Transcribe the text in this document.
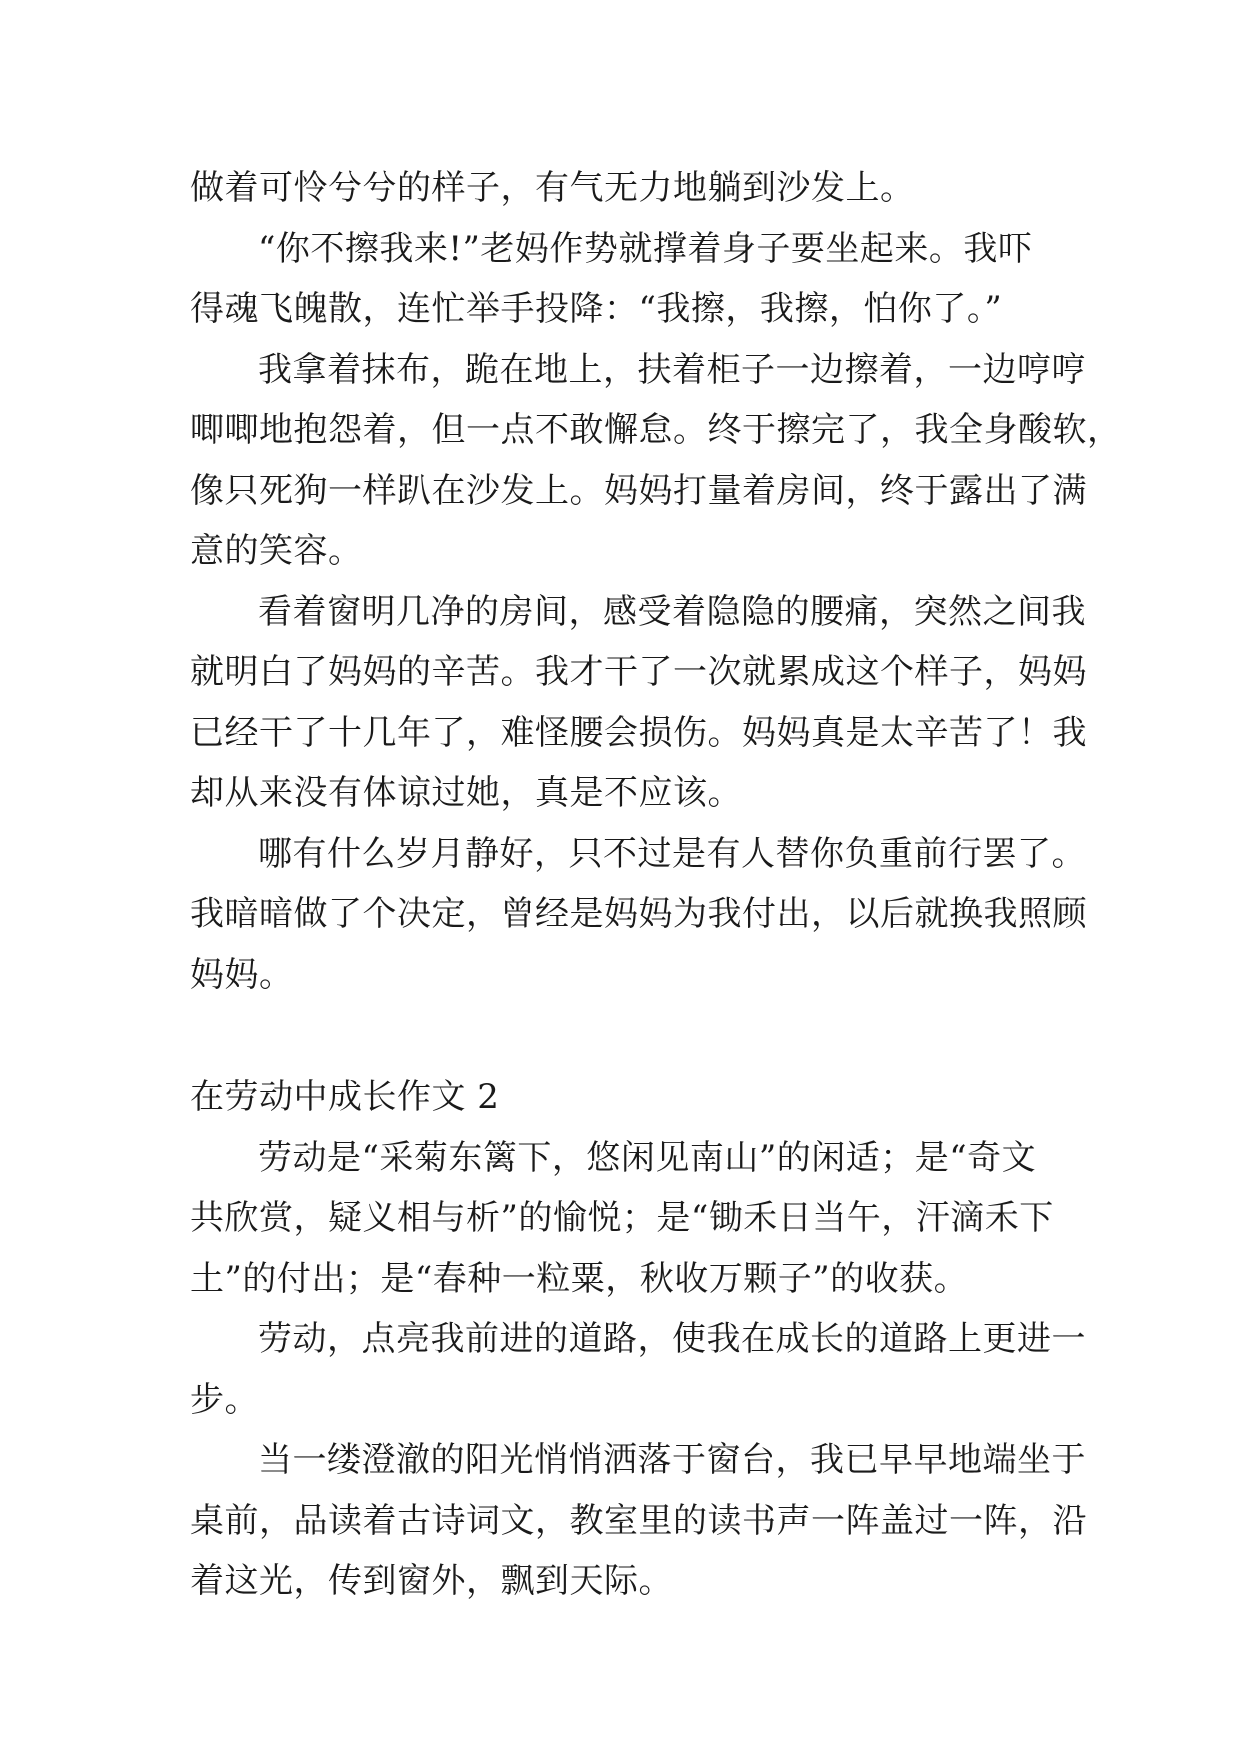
做着可怜兮兮的样子，有气无力地躺到沙发上。
“你不擦我来!”老妈作势就撑着身子要坐起来。我吓
得魂飞魄散，连忙举手投降：“我擦，我擦，怕你了。”
我拿着抹布，跪在地上，扶着柜子一边擦着，一边哼哼
唧唧地抱怨着，但一点不敢懈怠。终于擦完了，我全身酸软，
像只死狗一样趴在沙发上。妈妈打量着房间，终于露出了满
意的笑容。
看着窗明几净的房间，感受着隐隐的腰痛，突然之间我
就明白了妈妈的辛苦。我才干了一次就累成这个样子，妈妈
已经干了十几年了，难怪腰会损伤。妈妈真是太辛苦了！我
却从来没有体谅过她，真是不应该。
哪有什么岁月静好，只不过是有人替你负重前行罢了。
我暗暗做了个决定，曾经是妈妈为我付出，以后就换我照顾
妈妈。
在劳动中成长作文 2
劳动是“采菊东篱下，悠闲见南山”的闲适；是“奇文
共欣赏，疑义相与析”的愉悦；是“锄禾日当午，汗滴禾下
土”的付出；是“春种一粒粟，秋收万颗子”的收获。
劳动，点亮我前进的道路，使我在成长的道路上更进一
步。
当一缕澄澈的阳光悄悄洒落于窗台，我已早早地端坐于
桌前，品读着古诗词文，教室里的读书声一阵盖过一阵，沿
着这光，传到窗外，飘到天际。
